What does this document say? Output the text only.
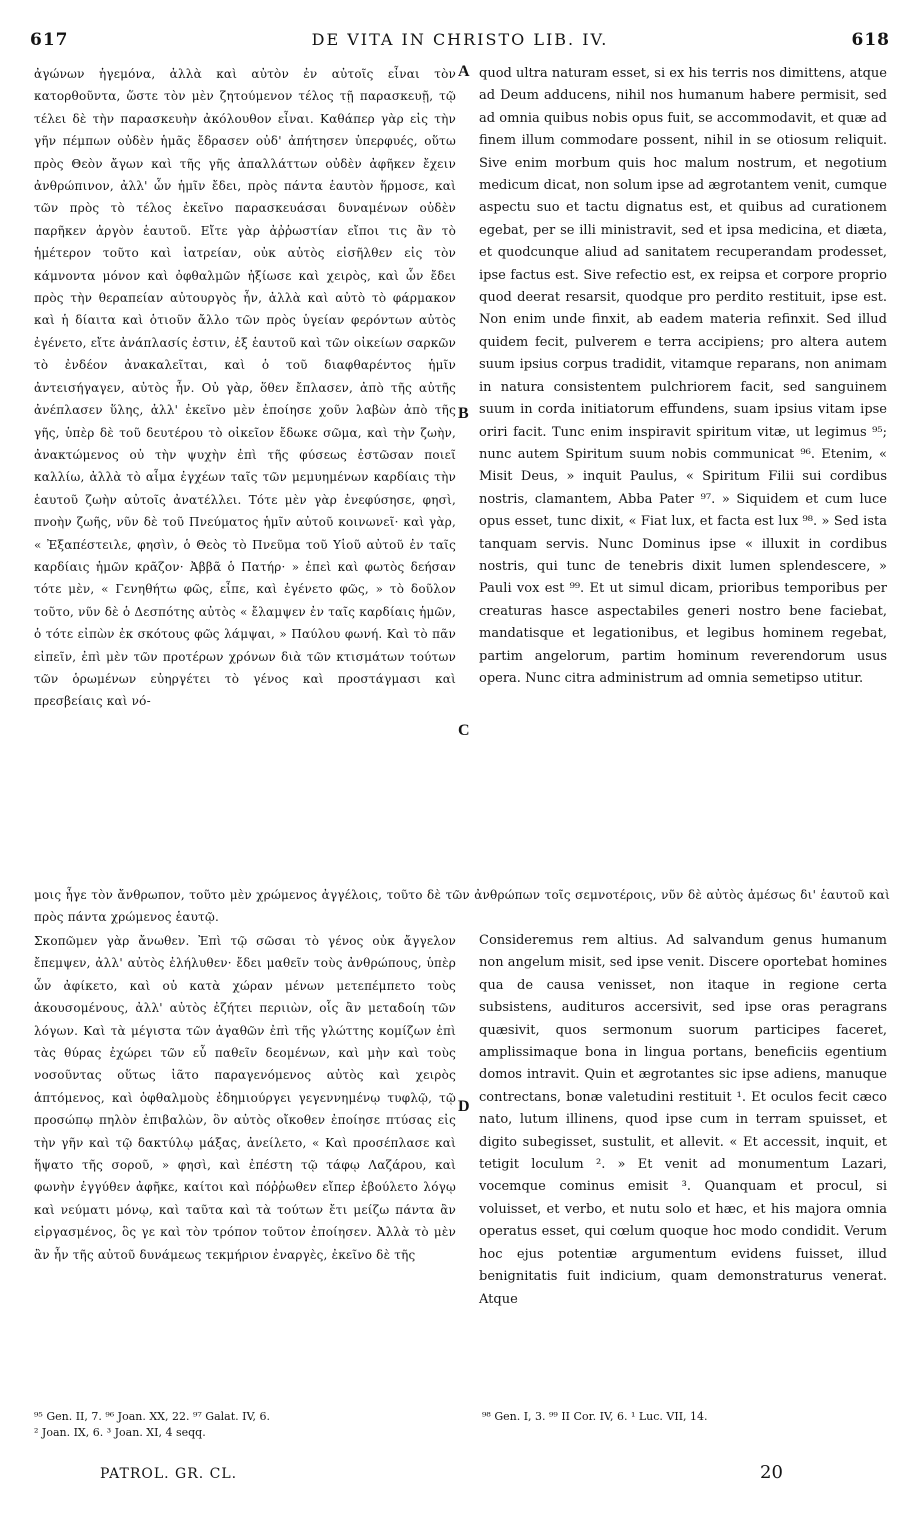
DE VITA IN CHRISTO LIB. IV.
617	618

ἀγώνων ἡγεμόνα, ἀλλὰ καὶ αὐτὸν ἐν αὐτοῖς εἶναι τὸν κατορθοῦντα, ὥστε τὸν μὲν ζητούμενον τέλος τῇ παρασκευῇ, τῷ τέλει δὲ τὴν παρασκευὴν ἀκόλουθον εἶναι. Καθάπερ γὰρ εἰς τὴν γῆν πέμπων οὐδὲν ἡμᾶς ἔδρασεν οὐδ' ἀπήτησεν ὑπερφυές, οὕτω πρὸς Θεὸν ἄγων καὶ τῆς γῆς ἀπαλλάττων οὐδὲν ἀφῆκεν ἔχειν ἀνθρώπινον, ἀλλ' ὧν ἡμῖν ἔδει, πρὸς πάντα ἑαυτὸν ἥρμοσε, καὶ τῶν πρὸς τὸ τέλος ἐκεῖνο παρασκευάσαι δυναμένων οὐδὲν παρῆκεν ἀργὸν ἑαυτοῦ. Εἴτε γὰρ ἀῤῥωστίαν εἴποι τις ἂν τὸ ἡμέτερον τοῦτο καὶ ἰατρείαν, οὐκ αὐτὸς εἰσῆλθεν εἰς τὸν κάμνοντα μόνον καὶ ὀφθαλμῶν ἠξίωσε καὶ χειρὸς, καὶ ὧν ἔδει πρὸς τὴν θεραπείαν αὐτουργὸς ἦν, ἀλλὰ καὶ αὐτὸ τὸ φάρμακον καὶ ἡ δίαιτα καὶ ὁτιοῦν ἄλλο τῶν πρὸς ὑγείαν φερόντων αὐτὸς ἐγένετο, εἴτε ἀνάπλασίς ἐστιν, ἐξ ἑαυτοῦ καὶ τῶν οἰκείων σαρκῶν τὸ ἐνδέον ἀνακαλεῖται, καὶ ὁ τοῦ διαφθαρέντος ἡμῖν ἀντεισήγαγεν, αὐτὸς ἦν. Οὐ γὰρ, ὅθεν ἔπλασεν, ἀπὸ τῆς αὐτῆς ἀνέπλασεν ὕλης, ἀλλ' ἐκεῖνο μὲν ἐποίησε χοῦν λαβὼν ἀπὸ τῆς γῆς, ὑπὲρ δὲ τοῦ δευτέρου τὸ οἰκεῖον ἔδωκε σῶμα, καὶ τὴν ζωὴν, ἀνακτώμενος οὐ τὴν ψυχὴν ἐπὶ τῆς φύσεως ἐστῶσαν ποιεῖ καλλίω, ἀλλὰ τὸ αἷμα ἐγχέων ταῖς τῶν μεμυημένων καρδίαις τὴν ἑαυτοῦ ζωὴν αὐτοῖς ἀνατέλλει. Τότε μὲν γὰρ ἐνεφύσησε, φησὶ, πνοὴν ζωῆς, νῦν δὲ τοῦ Πνεύματος ἡμῖν αὐτοῦ κοινωνεῖ· καὶ γὰρ, « Ἐξαπέστειλε, φησὶν, ὁ Θεὸς τὸ Πνεῦμα τοῦ Υἱοῦ αὐτοῦ ἐν ταῖς καρδίαις ἡμῶν κρᾶζον· Ἀββᾶ ὁ Πατήρ· » ἐπεὶ καὶ φωτὸς δεήσαν τότε μὲν, « Γενηθήτω φῶς, εἶπε, καὶ ἐγένετο φῶς, » τὸ δοῦλον τοῦτο, νῦν δὲ ὁ Δεσπότης αὐτὸς « ἔλαμψεν ἐν ταῖς καρδίαις ἡμῶν, ὁ τότε εἰπὼν ἐκ σκότους φῶς λάμψαι, » Παύλου φωνή. Καὶ τὸ πᾶν εἰπεῖν, ἐπὶ μὲν τῶν προτέρων χρόνων διὰ τῶν κτισμάτων τούτων τῶν ὁρωμένων εὐηργέτει τὸ γένος καὶ προστάγμασι καὶ πρεσβείαις καὶ νό-

quod ultra naturam esset, si ex his terris nos dimittens, atque ad Deum adducens, nihil nos humanum habere permisit, sed ad omnia quibus nobis opus fuit, se accommodavit, et quæ ad finem illum commodare possent, nihil in se otiosum reliquit. Sive enim morbum quis hoc malum nostrum, et negotium medicum dicat, non solum ipse ad ægrotantem venit, cumque aspectu suo et tactu dignatus est, et quibus ad curationem egebat, per se illi ministravit, sed et ipsa medicina, et diæta, et quodcunque aliud ad sanitatem recuperandam prodesset, ipse factus est. Sive refectio est, ex reipsa et corpore proprio quod deerat resarsit, quodque pro perdito restituit, ipse est. Non enim unde finxit, ab eadem materia refinxit. Sed illud quidem fecit, pulverem e terra accipiens; pro altera autem suum ipsius corpus tradidit, vitamque reparans, non animam in natura consistentem pulchriorem facit, sed sanguinem suum in corda initiatorum effundens, suam ipsius vitam ipse oriri facit. Tunc enim inspiravit spiritum vitæ, ut legimus ⁹⁵; nunc autem Spiritum suum nobis communicat ⁹⁶. Etenim, « Misit Deus, » inquit Paulus, « Spiritum Filii sui cordibus nostris, clamantem, Abba Pater ⁹⁷. » Siquidem et cum luce opus esset, tunc dixit, « Fiat lux, et facta est lux ⁹⁸. » Sed ista tanquam servis. Nunc Dominus ipse « illuxit in cordibus nostris, qui tunc de tenebris dixit lumen splendescere, » Pauli vox est ⁹⁹. Et ut simul dicam, prioribus temporibus per creaturas hasce aspectabiles generi nostro bene faciebat, mandatisque et legationibus, et legibus hominem regebat, partim angelorum, partim hominum reverendorum usus opera. Nunc citra administrum ad omnia semetipso utitur.

A
B
C
D

μοις ἦγε τὸν ἄνθρωπον, τοῦτο μὲν χρώμενος ἀγγέλοις, τοῦτο δὲ τῶν ἀνθρώπων τοῖς σεμνοτέροις, νῦν δὲ αὐτὸς ἀμέσως δι' ἑαυτοῦ καὶ πρὸς πάντα χρώμενος ἑαυτῷ.

Σκοπῶμεν γὰρ ἄνωθεν. Ἐπὶ τῷ σῶσαι τὸ γένος οὐκ ἄγγελον ἔπεμψεν, ἀλλ' αὐτὸς ἐλήλυθεν· ἔδει μαθεῖν τοὺς ἀνθρώπους, ὑπὲρ ὧν ἀφίκετο, καὶ οὐ κατὰ χώραν μένων μετεπέμπετο τοὺς ἀκουσομένους, ἀλλ' αὐτὸς ἐζήτει περιιὼν, οἷς ἂν μεταδοίη τῶν λόγων. Καὶ τὰ μέγιστα τῶν ἀγαθῶν ἐπὶ τῆς γλώττης κομίζων ἐπὶ τὰς θύρας ἐχώρει τῶν εὖ παθεῖν δεομένων, καὶ μὴν καὶ τοὺς νοσοῦντας οὕτως ἰᾶτο παραγενόμενος αὐτὸς καὶ χειρὸς ἁπτόμενος, καὶ ὀφθαλμοὺς ἐδημιούργει γεγεννημένῳ τυφλῷ, τῷ προσώπῳ πηλὸν ἐπιβαλὼν, ὃν αὐτὸς οἴκοθεν ἐποίησε πτύσας εἰς τὴν γῆν καὶ τῷ δακτύλῳ μάξας, ἀνείλετο, « Καὶ προσέπλασε καὶ ἥψατο τῆς σοροῦ, » φησὶ, καὶ ἐπέστη τῷ τάφῳ Λαζάρου, καὶ φωνὴν ἐγγύθεν ἀφῆκε, καίτοι καὶ πόῤῥωθεν εἴπερ ἐβούλετο λόγῳ καὶ νεύματι μόνῳ, καὶ ταῦτα καὶ τὰ τούτων ἔτι μείζω πάντα ἂν εἰργασμένος, ὃς γε καὶ τὸν τρόπον τοῦτον ἐποίησεν. Ἀλλὰ τὸ μὲν ἂν ἦν τῆς αὐτοῦ δυνάμεως τεκμήριον ἐναργὲς, ἐκεῖνο δὲ τῆς

Consideremus rem altius. Ad salvandum genus humanum non angelum misit, sed ipse venit. Discere oportebat homines qua de causa venisset, non itaque in regione certa subsistens, audituros accersivit, sed ipse oras peragrans quæsivit, quos sermonum suorum participes faceret, amplissimaque bona in lingua portans, beneficiis egentium domos intravit. Quin et ægrotantes sic ipse adiens, manuque contrectans, bonæ valetudini restituit ¹. Et oculos fecit cæco nato, lutum illinens, quod ipse cum in terram spuisset, et digito subegisset, sustulit, et allevit. « Et accessit, inquit, et tetigit loculum ². » Et venit ad monumentum Lazari, vocemque cominus emisit ³. Quanquam et procul, si voluisset, et verbo, et nutu solo et hæc, et his majora omnia operatus esset, qui cœlum quoque hoc modo condidit. Verum hoc ejus potentiæ argumentum evidens fuisset, illud benignitatis fuit indicium, quam demonstraturus venerat. Atque

⁹⁵ Gen. II, 7. ⁹⁶ Joan. XX, 22. ⁹⁷ Galat. IV, 6.

² Joan. IX, 6. ³ Joan. XI, 4 seqq.

⁹⁸ Gen. I, 3. ⁹⁹ II Cor. IV, 6. ¹ Luc. VII, 14.

PATROL. GR. CL.	20
